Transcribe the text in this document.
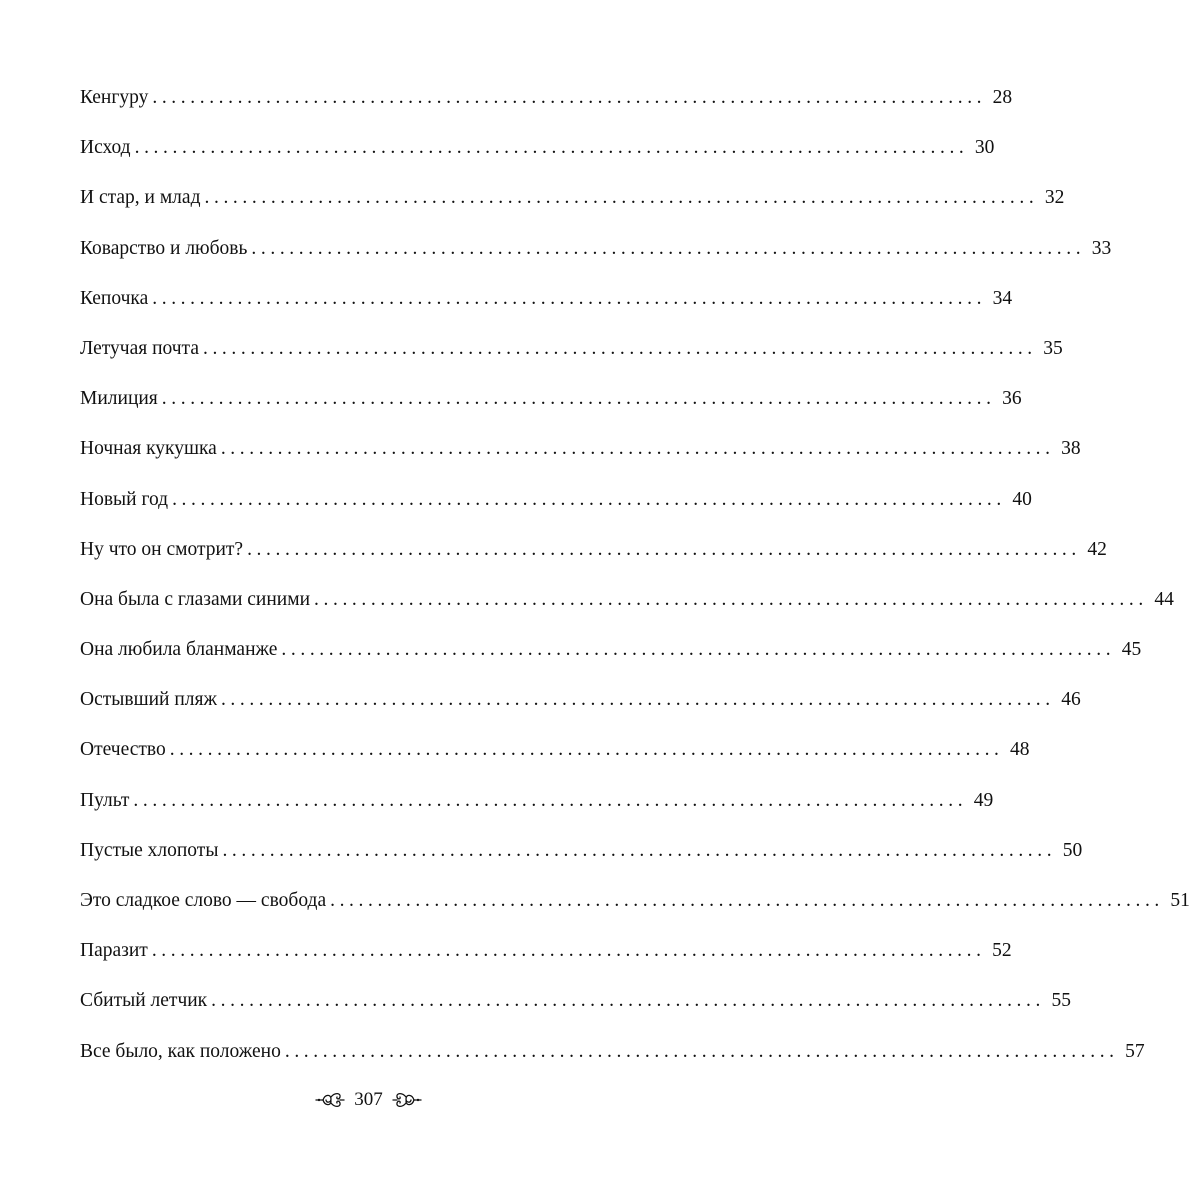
Кенгуру ........................................................................................ 28
Исход ........................................................................................ 30
И стар, и млад ........................................................................................ 32
Коварство и любовь ........................................................................................ 33
Кепочка ........................................................................................ 34
Летучая почта ........................................................................................ 35
Милиция ........................................................................................ 36
Ночная кукушка ........................................................................................ 38
Новый год ........................................................................................ 40
Ну что он смотрит? ........................................................................................ 42
Она была с глазами синими ........................................................................................ 44
Она любила бланманже ........................................................................................ 45
Остывший пляж ........................................................................................ 46
Отечество ........................................................................................ 48
Пульт ........................................................................................ 49
Пустые хлопоты ........................................................................................ 50
Это сладкое слово — свобода ........................................................................................ 51
Паразит ........................................................................................ 52
Сбитый летчик ........................................................................................ 55
Все было, как положено ........................................................................................ 57
307
